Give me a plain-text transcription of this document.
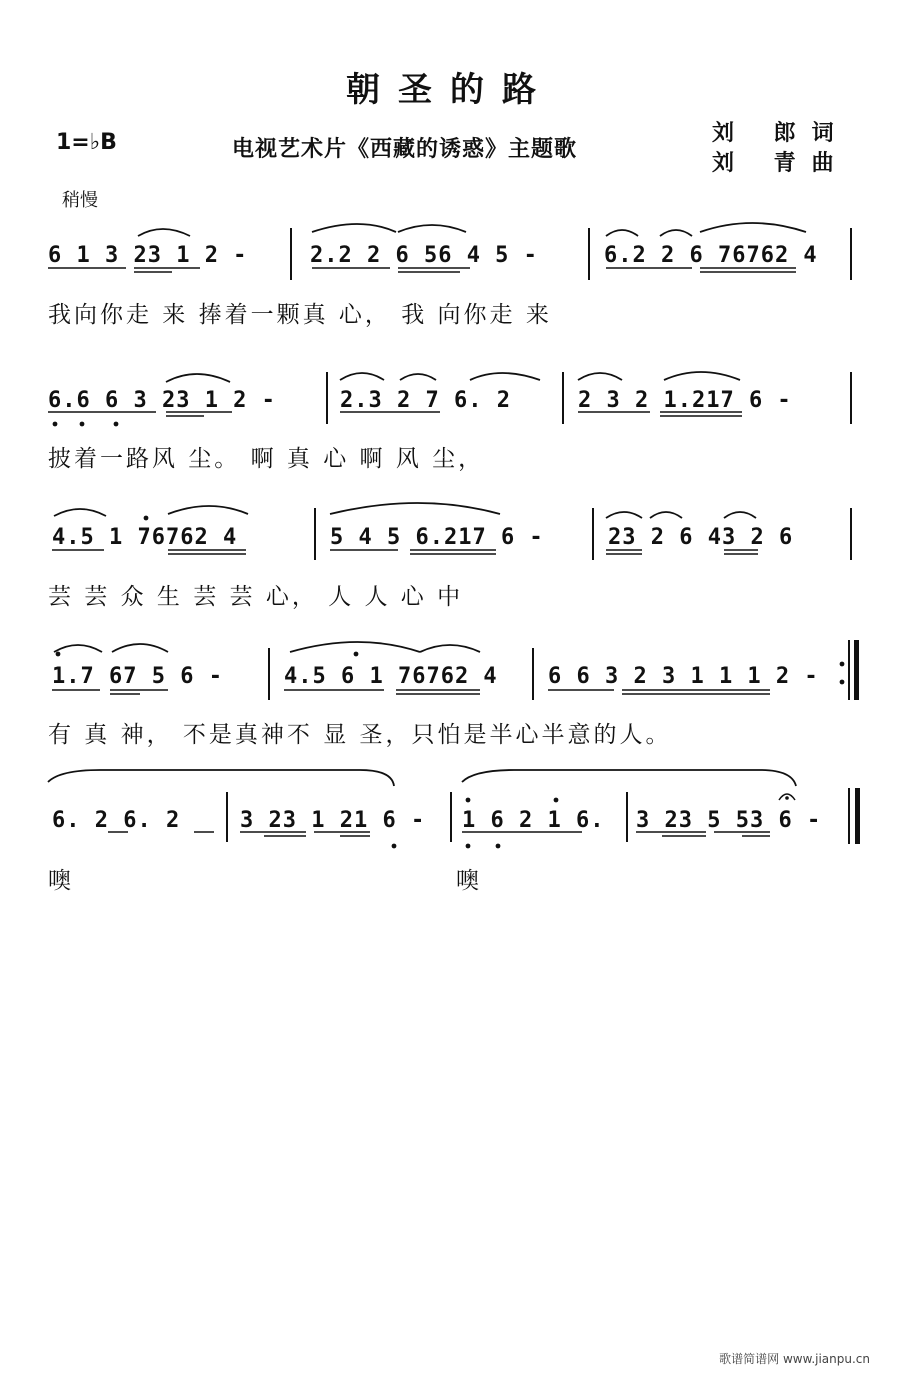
朝圣的路
1=♭B	电视艺术片《西藏的诱惑》主题歌
刘 郎词
刘 青曲
稍慢
6 1 3 23 1 2 -	2.2 2 6 56 4 5 -	6.2 2 6 76762 4
我向你走 来 捧着一颗真 心， 我 向你走 来
6.6 6 3 23 1 2 -	2.3 2 7 6. 2	2 3 2 1.217 6 -
披着一路风 尘。 啊 真 心 啊 风 尘，
4.5 1 76762 4	5 4 5 6.217 6 -	23 2 6 43 2 6
芸 芸 众 生 芸 芸 心， 人 人 心 中
1.7 67 5 6 -	4.5 6 1 76762 4 6 6 3 2 3 1 1 1 2 -
有 真 神， 不是真神不 显 圣，只怕是半心半意的人。
6. 2 6. 2	3 23 1 21 6 - 1 6 2 1 6. 3 23 5 53 6 -
噢	噢
歌谱简谱网 www.jianpu.cn
